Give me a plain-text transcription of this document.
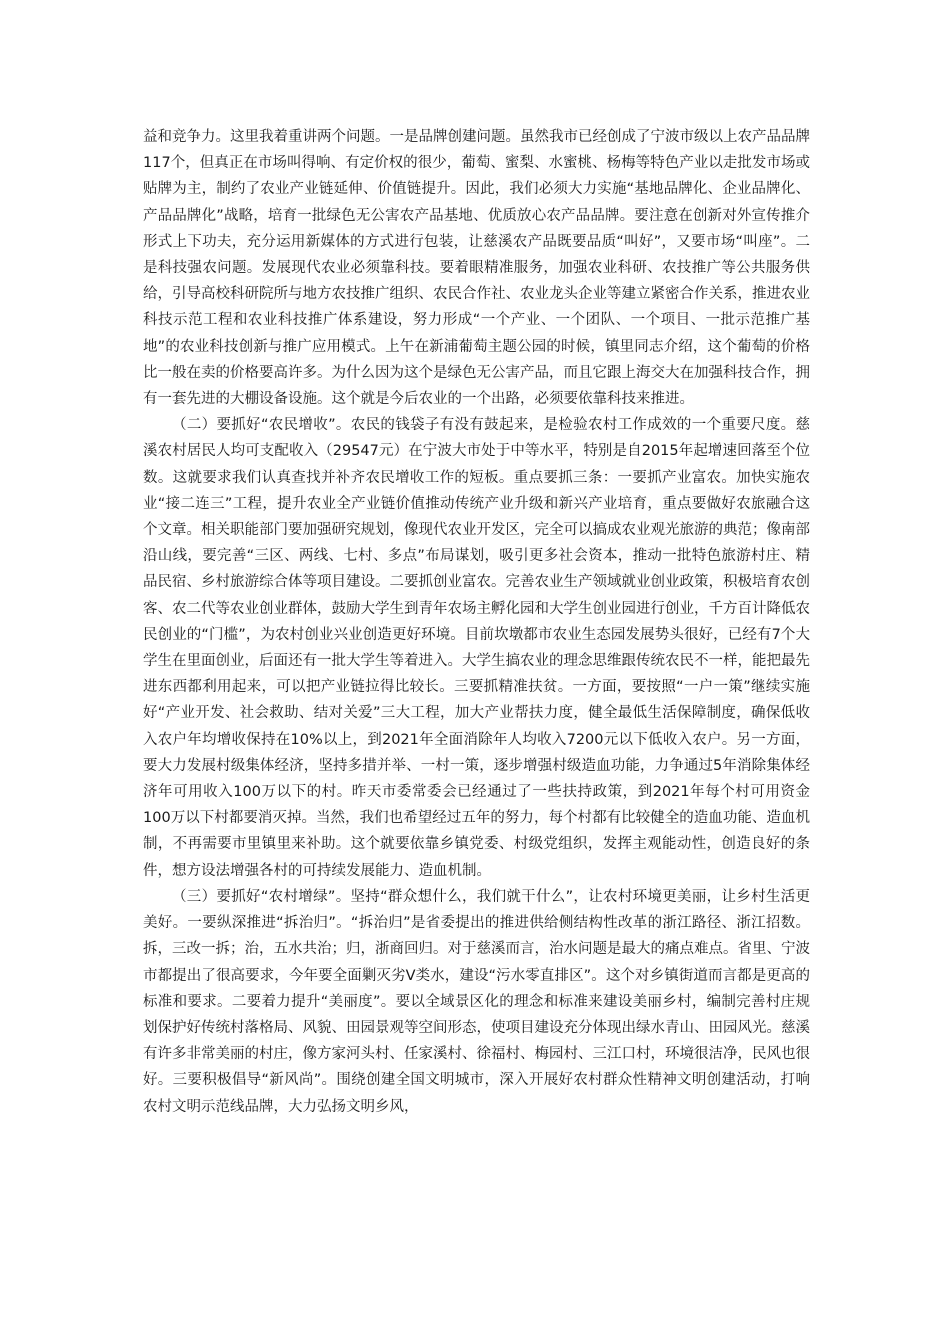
益和竞争力。这里我着重讲两个问题。一是品牌创建问题。虽然我市已经创成了宁波市级以上农产品品牌117个，但真正在市场叫得响、有定价权的很少，葡萄、蜜梨、水蜜桃、杨梅等特色产业以走批发市场或贴牌为主，制约了农业产业链延伸、价值链提升。因此，我们必须大力实施“基地品牌化、企业品牌化、产品品牌化”战略，培育一批绿色无公害农产品基地、优质放心农产品品牌。要注意在创新对外宣传推介形式上下功夫，充分运用新媒体的方式进行包装，让慈溪农产品既要品质“叫好”，又要市场“叫座”。二是科技强农问题。发展现代农业必须靠科技。要着眼精准服务，加强农业科研、农技推广等公共服务供给，引导高校科研院所与地方农技推广组织、农民合作社、农业龙头企业等建立紧密合作关系，推进农业科技示范工程和农业科技推广体系建设，努力形成“一个产业、一个团队、一个项目、一批示范推广基地”的农业科技创新与推广应用模式。上午在新浦葡萄主题公园的时候，镇里同志介绍，这个葡萄的价格比一般在卖的价格要高许多。为什么因为这个是绿色无公害产品，而且它跟上海交大在加强科技合作，拥有一套先进的大棚设备设施。这个就是今后农业的一个出路，必须要依靠科技来推进。

（二）要抓好“农民增收”。农民的钱袋子有没有鼓起来，是检验农村工作成效的一个重要尺度。慈溪农村居民人均可支配收入（29547元）在宁波大市处于中等水平，特别是自2015年起增速回落至个位数。这就要求我们认真查找并补齐农民增收工作的短板。重点要抓三条：一要抓产业富农。加快实施农业“接二连三”工程，提升农业全产业链价值推动传统产业升级和新兴产业培育，重点要做好农旅融合这个文章。相关职能部门要加强研究规划，像现代农业开发区，完全可以搞成农业观光旅游的典范；像南部沿山线，要完善“三区、两线、七村、多点”布局谋划，吸引更多社会资本，推动一批特色旅游村庄、精品民宿、乡村旅游综合体等项目建设。二要抓创业富农。完善农业生产领域就业创业政策，积极培育农创客、农二代等农业创业群体，鼓励大学生到青年农场主孵化园和大学生创业园进行创业，千方百计降低农民创业的“门槛”，为农村创业兴业创造更好环境。目前坎墩都市农业生态园发展势头很好，已经有7个大学生在里面创业，后面还有一批大学生等着进入。大学生搞农业的理念思维跟传统农民不一样，能把最先进东西都利用起来，可以把产业链拉得比较长。三要抓精准扶贫。一方面，要按照“一户一策”继续实施好“产业开发、社会救助、结对关爱”三大工程，加大产业帮扶力度，健全最低生活保障制度，确保低收入农户年均增收保持在10%以上，到2021年全面消除年人均收入7200元以下低收入农户。另一方面，要大力发展村级集体经济，坚持多措并举、一村一策，逐步增强村级造血功能，力争通过5年消除集体经济年可用收入100万以下的村。昨天市委常委会已经通过了一些扶持政策，到2021年每个村可用资金100万以下村都要消灭掉。当然，我们也希望经过五年的努力，每个村都有比较健全的造血功能、造血机制，不再需要市里镇里来补助。这个就要依靠乡镇党委、村级党组织，发挥主观能动性，创造良好的条件，想方设法增强各村的可持续发展能力、造血机制。

（三）要抓好“农村增绿”。坚持“群众想什么，我们就干什么”，让农村环境更美丽，让乡村生活更美好。一要纵深推进“拆治归”。“拆治归”是省委提出的推进供给侧结构性改革的浙江路径、浙江招数。拆，三改一拆；治，五水共治；归，浙商回归。对于慈溪而言，治水问题是最大的痛点难点。省里、宁波市都提出了很高要求，今年要全面剿灭劣V类水，建设“污水零直排区”。这个对乡镇街道而言都是更高的标准和要求。二要着力提升“美丽度”。要以全域景区化的理念和标准来建设美丽乡村，编制完善村庄规划保护好传统村落格局、风貌、田园景观等空间形态，使项目建设充分体现出绿水青山、田园风光。慈溪有许多非常美丽的村庄，像方家河头村、任家溪村、徐福村、梅园村、三江口村，环境很洁净，民风也很好。三要积极倡导“新风尚”。围绕创建全国文明城市，深入开展好农村群众性精神文明创建活动，打响农村文明示范线品牌，大力弘扬文明乡风，
